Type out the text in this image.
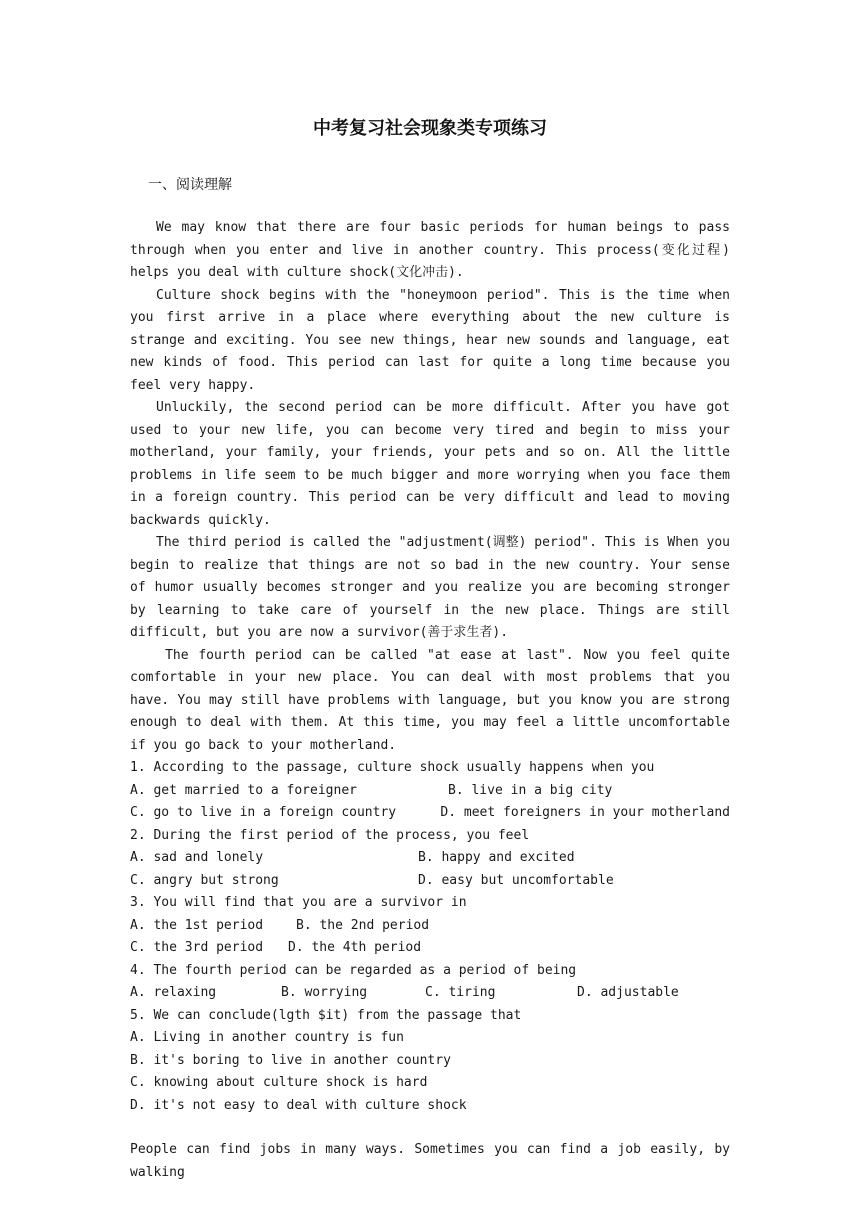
中考复习社会现象类专项练习
一、阅读理解

We may know that there are four basic periods for human beings to pass through when you enter and live in another country. This process(变化过程) helps you deal with culture shock(文化冲击).

Culture shock begins with the "honeymoon period". This is the time when you first arrive in a place where everything about the new culture is strange and exciting. You see new things, hear new sounds and language, eat new kinds of food. This period can last for quite a long time because you feel very happy.

Unluckily, the second period can be more difficult. After you have got used to your new life, you can become very tired and begin to miss your motherland, your family, your friends, your pets and so on. All the little problems in life seem to be much bigger and more worrying when you face them in a foreign country. This period can be very difficult and lead to moving backwards quickly.

The third period is called the "adjustment(调整) period". This is When you begin to realize that things are not so bad in the new country. Your sense of humor usually becomes stronger and you realize you are becoming stronger by learning to take care of yourself in the new place. Things are still difficult, but you are now a survivor(善于求生者).

The fourth period can be called "at ease at last". Now you feel quite comfortable in your new place. You can deal with most problems that you have. You may still have problems with language, but you know you are strong enough to deal with them. At this time, you may feel a little uncomfortable if you go back to your motherland.

1. According to the passage, culture shock usually happens when you

A. get married to a foreigner	B. live in a big city
C. go to live in a foreign country	D. meet foreigners in your motherland

2. During the first period of the process, you feel

A. sad and lonely	B. happy and excited
C. angry but strong	D. easy but uncomfortable

3. You will find that you are a survivor in

A. the 1st period	B. the 2nd period
C. the 3rd period	D. the 4th period

4. The fourth period can be regarded as a period of being

A. relaxing	B. worrying	C. tiring	D. adjustable

5. We can conclude(lgth $it) from the passage that

A. Living in another country is fun

B. it's boring to live in another country

C. knowing about culture shock is hard

D. it's not easy to deal with culture shock

People can find jobs in many ways. Sometimes you can find a job easily, by walking
